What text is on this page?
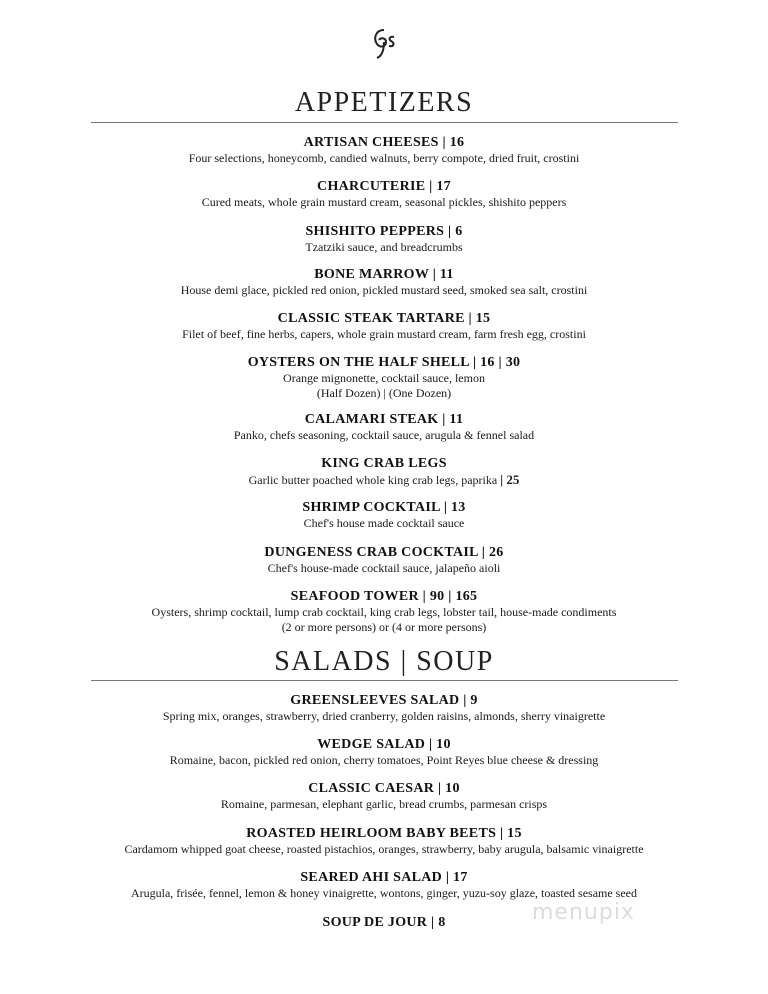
APPETIZERS
ARTISAN CHEESES | 16
Four selections, honeycomb, candied walnuts, berry compote, dried fruit, crostini
CHARCUTERIE | 17
Cured meats, whole grain mustard cream, seasonal pickles, shishito peppers
SHISHITO PEPPERS | 6
Tzatziki sauce, and breadcrumbs
BONE MARROW | 11
House demi glace, pickled red onion, pickled mustard seed, smoked sea salt, crostini
CLASSIC STEAK TARTARE | 15
Filet of beef, fine herbs, capers, whole grain mustard cream, farm fresh egg, crostini
OYSTERS ON THE HALF SHELL | 16 | 30
Orange mignonette, cocktail sauce, lemon
(Half Dozen) | (One Dozen)
CALAMARI STEAK | 11
Panko, chefs seasoning, cocktail sauce, arugula & fennel salad
KING CRAB LEGS
Garlic butter poached whole king crab legs, paprika | 25
SHRIMP COCKTAIL | 13
Chef's house made cocktail sauce
DUNGENESS CRAB COCKTAIL | 26
Chef's house-made cocktail sauce, jalapeño aioli
SEAFOOD TOWER | 90 | 165
Oysters, shrimp cocktail, lump crab cocktail, king crab legs, lobster tail, house-made condiments
(2 or more persons) or (4 or more persons)
SALADS | SOUP
GREENSLEEVES SALAD | 9
Spring mix, oranges, strawberry, dried cranberry, golden raisins, almonds, sherry vinaigrette
WEDGE SALAD | 10
Romaine, bacon, pickled red onion, cherry tomatoes, Point Reyes blue cheese & dressing
CLASSIC CAESAR | 10
Romaine, parmesan, elephant garlic, bread crumbs, parmesan crisps
ROASTED HEIRLOOM BABY BEETS | 15
Cardamom whipped goat cheese, roasted pistachios, oranges, strawberry, baby arugula, balsamic vinaigrette
SEARED AHI SALAD | 17
Arugula, frisée, fennel, lemon & honey vinaigrette, wontons, ginger, yuzu-soy glaze, toasted sesame seed
SOUP DE JOUR | 8	menupix
